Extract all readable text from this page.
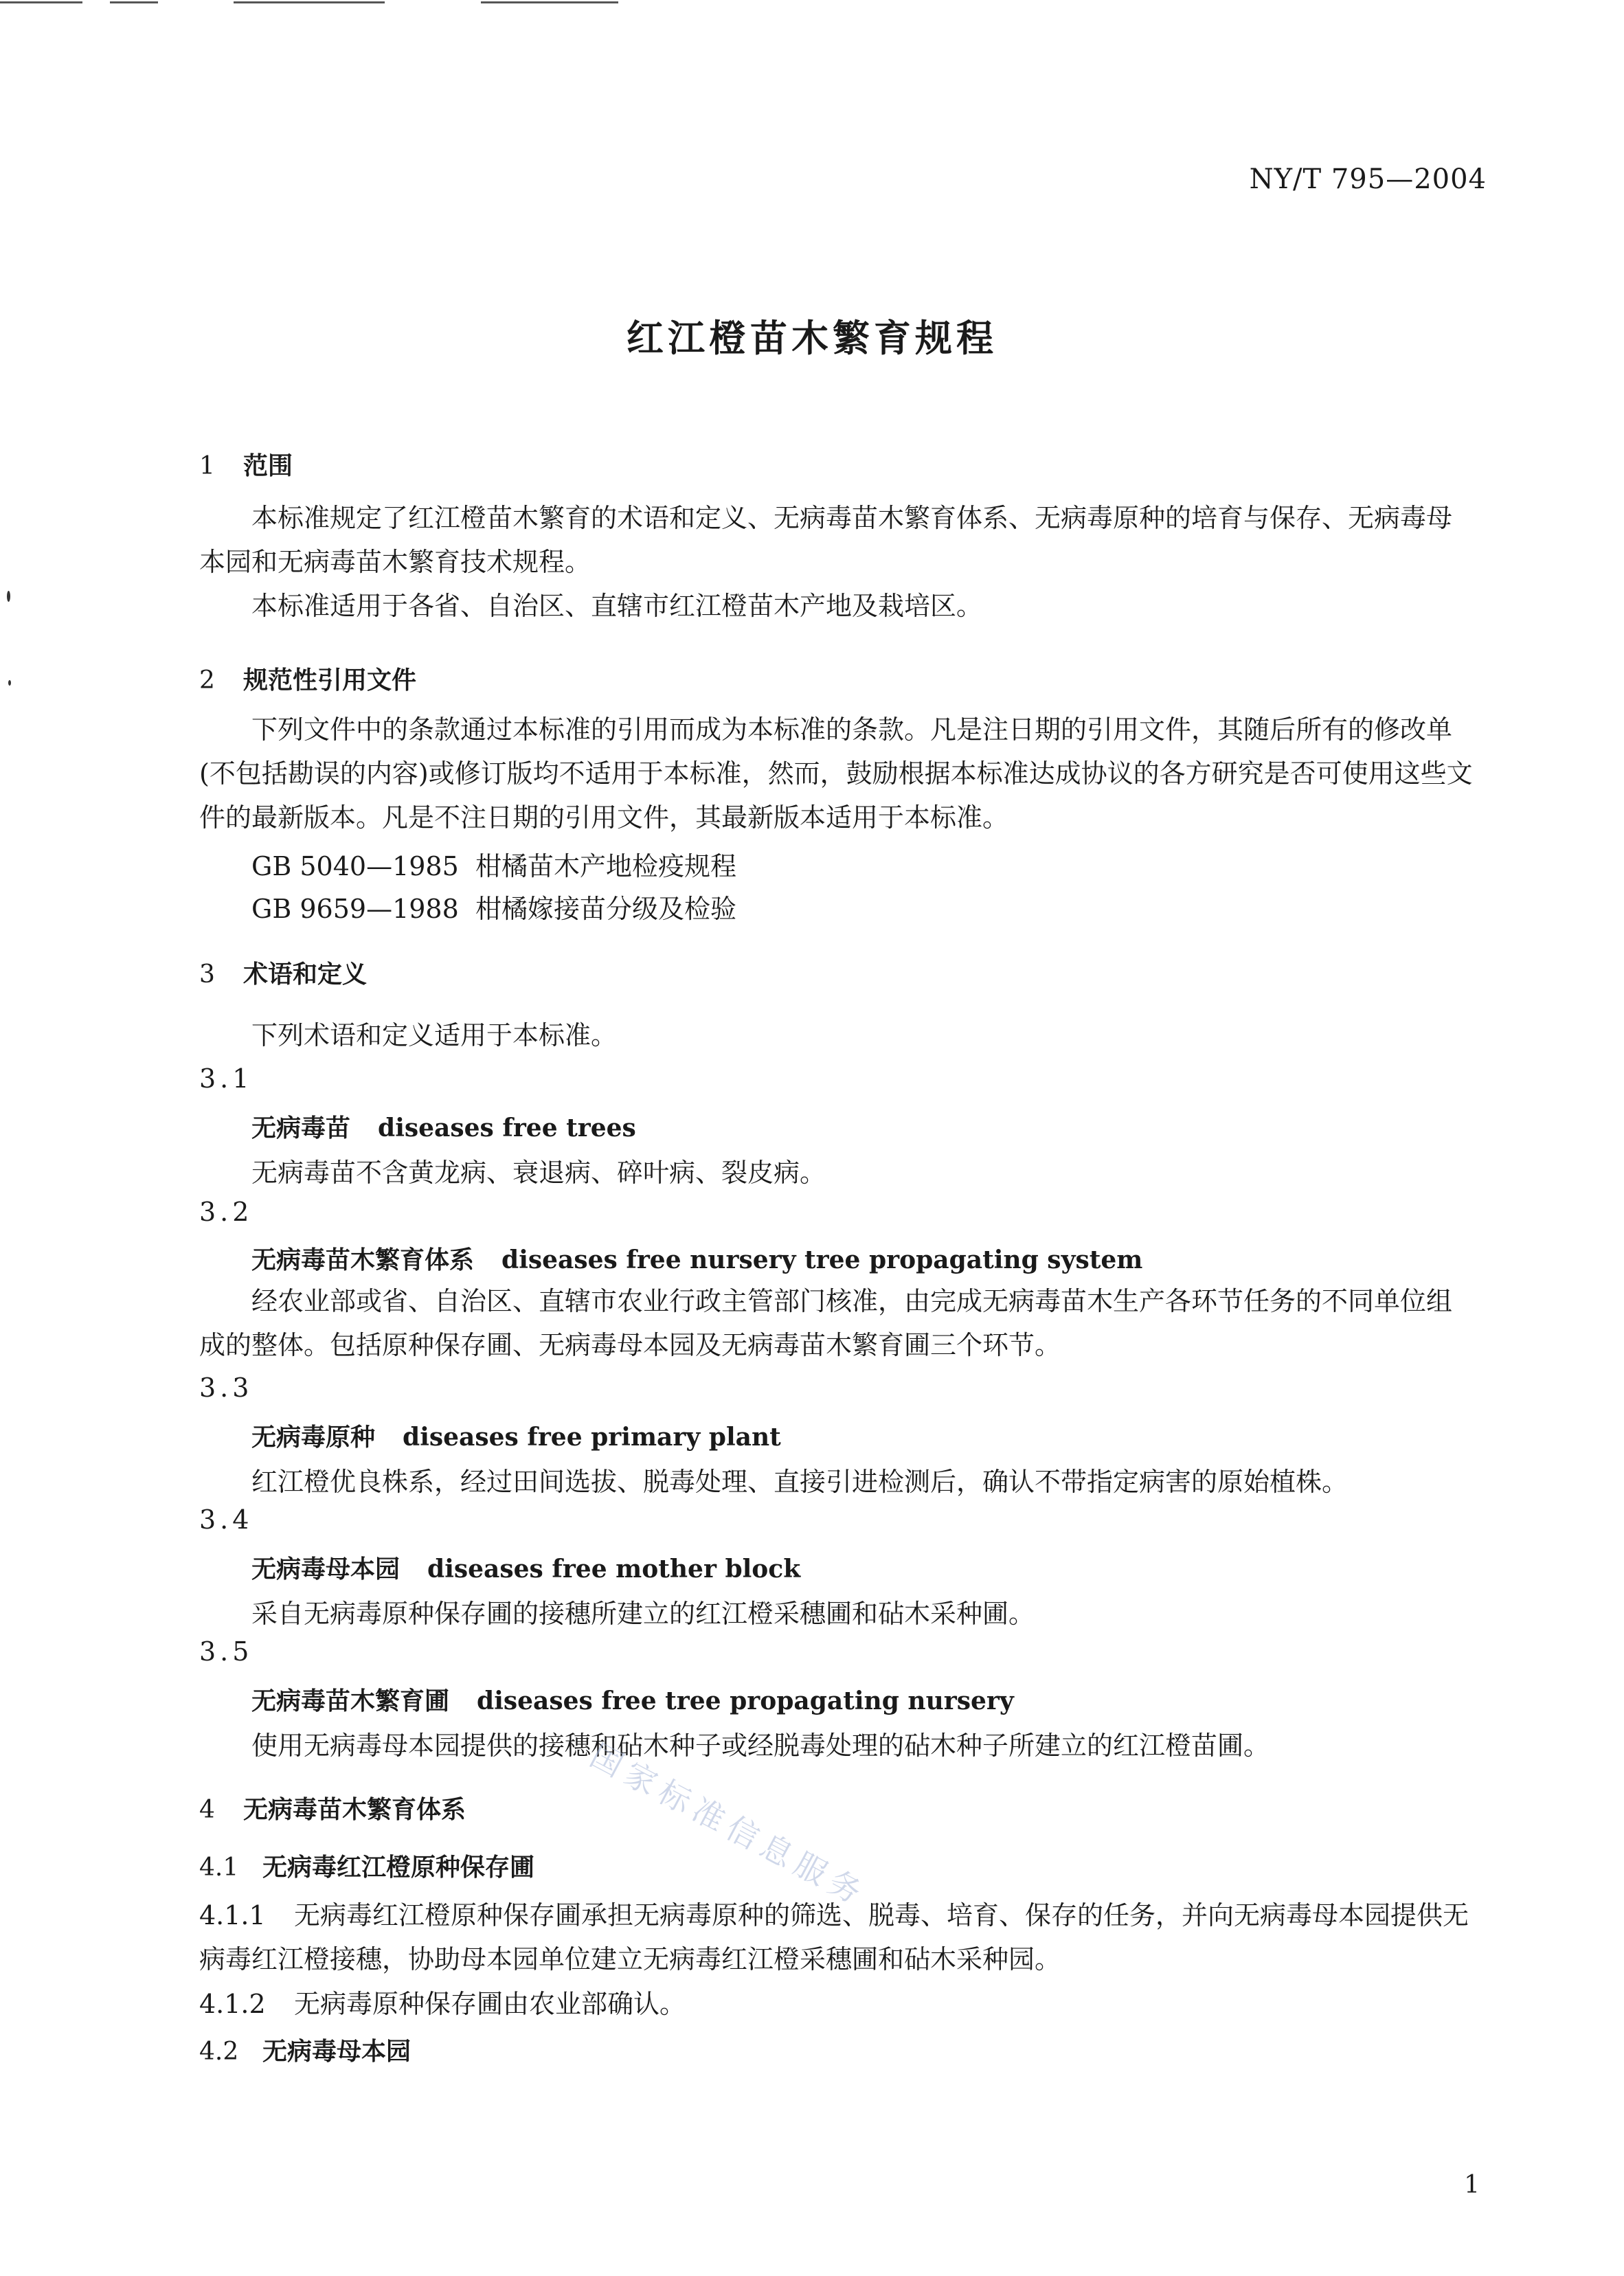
NY/T 795—2004
红江橙苗木繁育规程
1 范围
本标准规定了红江橙苗木繁育的术语和定义、无病毒苗木繁育体系、无病毒原种的培育与保存、无病毒母本园和无病毒苗木繁育技术规程。
本标准适用于各省、自治区、直辖市红江橙苗木产地及栽培区。
2 规范性引用文件
下列文件中的条款通过本标准的引用而成为本标准的条款。凡是注日期的引用文件，其随后所有的修改单(不包括勘误的内容)或修订版均不适用于本标准，然而，鼓励根据本标准达成协议的各方研究是否可使用这些文件的最新版本。凡是不注日期的引用文件，其最新版本适用于本标准。
GB 5040—1985 柑橘苗木产地检疫规程
GB 9659—1988 柑橘嫁接苗分级及检验
3 术语和定义
下列术语和定义适用于本标准。
3.1
无病毒苗 diseases free trees
无病毒苗不含黄龙病、衰退病、碎叶病、裂皮病。
3.2
无病毒苗木繁育体系 diseases free nursery tree propagating system
经农业部或省、自治区、直辖市农业行政主管部门核准，由完成无病毒苗木生产各环节任务的不同单位组成的整体。包括原种保存圃、无病毒母本园及无病毒苗木繁育圃三个环节。
3.3
无病毒原种 diseases free primary plant
红江橙优良株系，经过田间选拔、脱毒处理、直接引进检测后，确认不带指定病害的原始植株。
3.4
无病毒母本园 diseases free mother block
采自无病毒原种保存圃的接穗所建立的红江橙采穗圃和砧木采种圃。
3.5
无病毒苗木繁育圃 diseases free tree propagating nursery
使用无病毒母本园提供的接穗和砧木种子或经脱毒处理的砧木种子所建立的红江橙苗圃。
4 无病毒苗木繁育体系
4.1 无病毒红江橙原种保存圃
4.1.1 无病毒红江橙原种保存圃承担无病毒原种的筛选、脱毒、培育、保存的任务，并向无病毒母本园提供无病毒红江橙接穗，协助母本园单位建立无病毒红江橙采穗圃和砧木采种园。
4.1.2 无病毒原种保存圃由农业部确认。
4.2 无病毒母本园
国家标准信息服务
1
